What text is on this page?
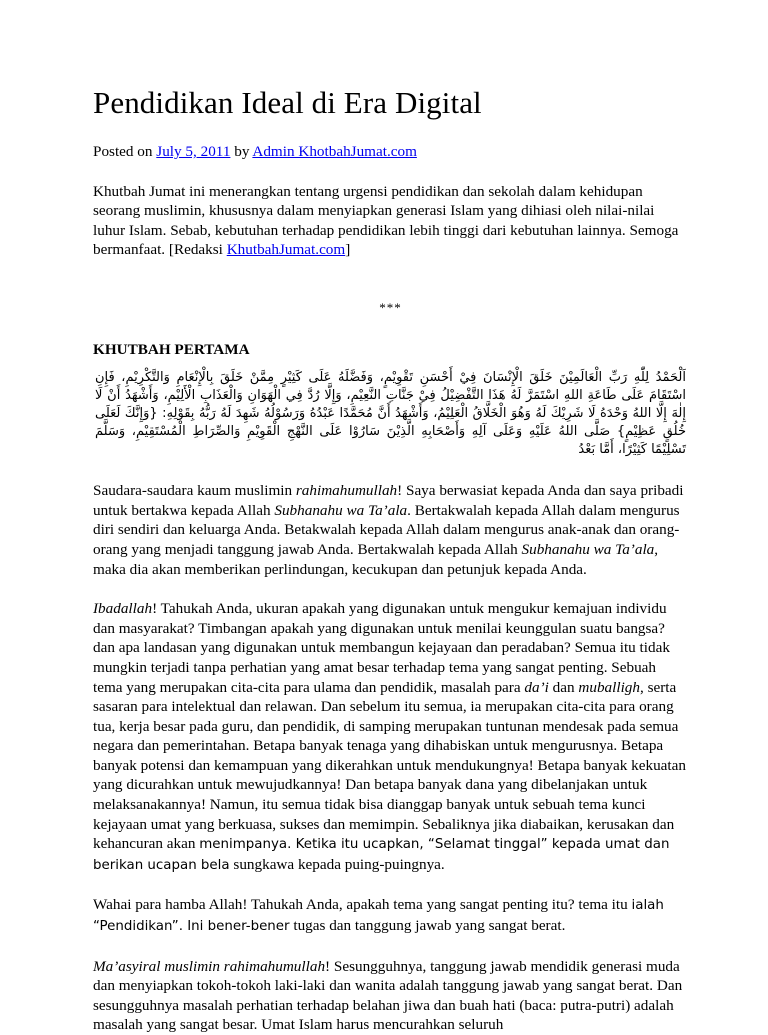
Pendidikan Ideal di Era Digital
Posted on July 5, 2011 by Admin KhotbahJumat.com

Khutbah Jumat ini menerangkan tentang urgensi pendidikan dan sekolah dalam kehidupan seorang muslimin, khususnya dalam menyiapkan generasi Islam yang dihiasi oleh nilai-nilai luhur Islam. Sebab, kebutuhan terhadap pendidikan lebih tinggi dari kebutuhan lainnya. Semoga bermanfaat. [Redaksi KhutbahJumat.com]

***
KHUTBAH PERTAMA
اَلْحَمْدُ لِلّٰهِ رَبِّ الْعَالَمِيْنَ خَلَقَ الْإِنْسَانَ فِيْ أَحْسَنِ تَقْوِيْمٍ، وَفَضَّلَهُ عَلَى كَثِيْرٍ مِمَّنْ خَلَقَ بِالْإِنْعَامِ وَالتَّكْرِيْمِ، فَإِنِ اسْتَقَامَ عَلَى طَاعَةِ اللهِ اسْتَمَرَّ لَهُ هَذَا التَّفْضِيْلُ فِيْ جَنَّاتِ النَّعِيْمِ، وَإِلَّا رُدَّ فِي الْهَوَانِ وَالْعَذَابِ الْأَلِيْمِ، وَأَشْهَدُ أَنْ لَا إِلٰهَ إِلَّا اللهُ وَحْدَهُ لَا شَرِيْكَ لَهُ وَهُوَ الْخَلَّاقُ الْعَلِيْمُ، وَأَشْهَدُ أَنَّ مُحَمَّدًا عَبْدُهُ وَرَسُوْلُهُ شَهِدَ لَهُ رَبُّهُ بِقَوْلِهِ: {وَإِنَّكَ لَعَلَى خُلُقٍ عَظِيْمٍ} صَلَّى اللهُ عَلَيْهِ وَعَلَى آلِهِ وَأَصْحَابِهِ الَّذِيْنَ سَارُوْا عَلَى النَّهْجِ الْقَوِيْمِ وَالصِّرَاطِ الْمُسْتَقِيْمِ، وَسَلَّمَ تَسْلِيْمًا كَثِيْرًا، أَمَّا بَعْدُ

Saudara-saudara kaum muslimin rahimahumullah! Saya berwasiat kepada Anda dan saya pribadi untuk bertakwa kepada Allah Subhanahu wa Ta’ala. Bertakwalah kepada Allah dalam mengurus diri sendiri dan keluarga Anda. Betakwalah kepada Allah dalam mengurus anak-anak dan orang-orang yang menjadi tanggung jawab Anda. Bertakwalah kepada Allah Subhanahu wa Ta’ala, maka dia akan memberikan perlindungan, kecukupan dan petunjuk kepada Anda.

Ibadallah! Tahukah Anda, ukuran apakah yang digunakan untuk mengukur kemajuan individu dan masyarakat? Timbangan apakah yang digunakan untuk menilai keunggulan suatu bangsa? dan apa landasan yang digunakan untuk membangun kejayaan dan peradaban? Semua itu tidak mungkin terjadi tanpa perhatian yang amat besar terhadap tema yang sangat penting. Sebuah tema yang merupakan cita-cita para ulama dan pendidik, masalah para da’i dan muballigh, serta sasaran para intelektual dan relawan. Dan sebelum itu semua, ia merupakan cita-cita para orang tua, kerja besar pada guru, dan pendidik, di samping merupakan tuntunan mendesak pada semua negara dan pemerintahan. Betapa banyak tenaga yang dihabiskan untuk mengurusnya. Betapa banyak potensi dan kemampuan yang dikerahkan untuk mendukungnya! Betapa banyak kekuatan yang dicurahkan untuk mewujudkannya! Dan betapa banyak dana yang dibelanjakan untuk melaksanakannya! Namun, itu semua tidak bisa dianggap banyak untuk sebuah tema kunci kejayaan umat yang berkuasa, sukses dan memimpin. Sebaliknya jika diabaikan, kerusakan dan kehancuran akan menimpanya. Ketika itu ucapkan, “Selamat tinggal” kepada umat dan berikan ucapan bela sungkawa kepada puing-puingnya.

Wahai para hamba Allah! Tahukah Anda, apakah tema yang sangat penting itu? tema itu ialah “Pendidikan”. Ini bener-bener tugas dan tanggung jawab yang sangat berat.

Ma’asyiral muslimin rahimahumullah! Sesungguhnya, tanggung jawab mendidik generasi muda dan menyiapkan tokoh-tokoh laki-laki dan wanita adalah tanggung jawab yang sangat berat. Dan sesungguhnya masalah perhatian terhadap belahan jiwa dan buah hati (baca: putra-putri) adalah masalah yang sangat besar. Umat Islam harus mencurahkan seluruh
